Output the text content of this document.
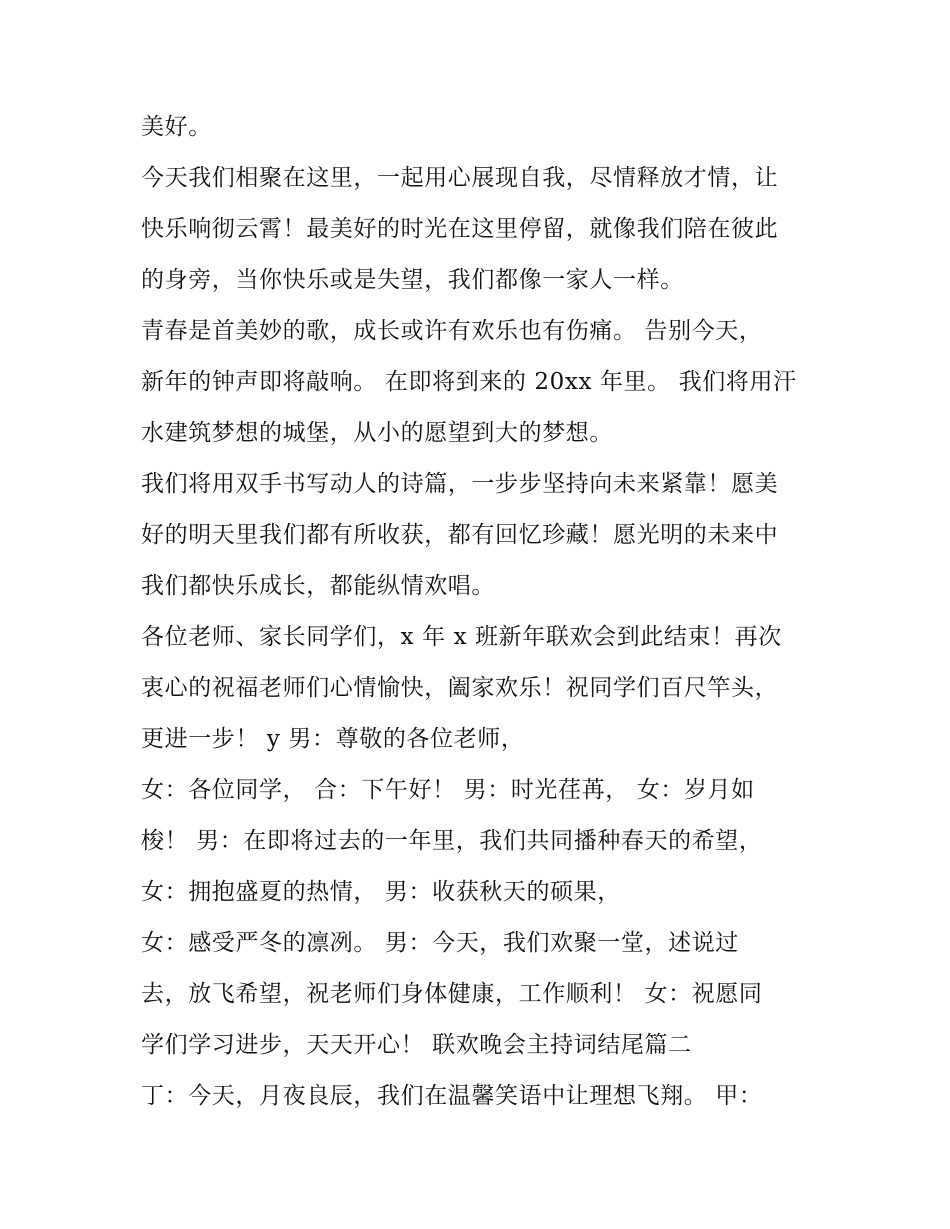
美好。
今天我们相聚在这里，一起用心展现自我，尽情释放才情，让
快乐响彻云霄！最美好的时光在这里停留，就像我们陪在彼此
的身旁，当你快乐或是失望，我们都像一家人一样。
青春是首美妙的歌，成长或许有欢乐也有伤痛。 告别今天，
新年的钟声即将敲响。 在即将到来的 20xx 年里。 我们将用汗
水建筑梦想的城堡，从小的愿望到大的梦想。
我们将用双手书写动人的诗篇，一步步坚持向未来紧靠！愿美
好的明天里我们都有所收获，都有回忆珍藏！愿光明的未来中
我们都快乐成长，都能纵情欢唱。
各位老师、家长同学们，x 年 x 班新年联欢会到此结束！再次
衷心的祝福老师们心情愉快，阖家欢乐！祝同学们百尺竿头，
更进一步！ y 男：尊敬的各位老师，
女：各位同学， 合：下午好！ 男：时光荏苒， 女：岁月如
梭！ 男：在即将过去的一年里，我们共同播种春天的希望，
女：拥抱盛夏的热情， 男：收获秋天的硕果，
女：感受严冬的凛冽。 男：今天，我们欢聚一堂，述说过
去，放飞希望，祝老师们身体健康，工作顺利！ 女：祝愿同
学们学习进步，天天开心！ 联欢晚会主持词结尾篇二
丁：今天，月夜良辰，我们在温馨笑语中让理想飞翔。 甲：
